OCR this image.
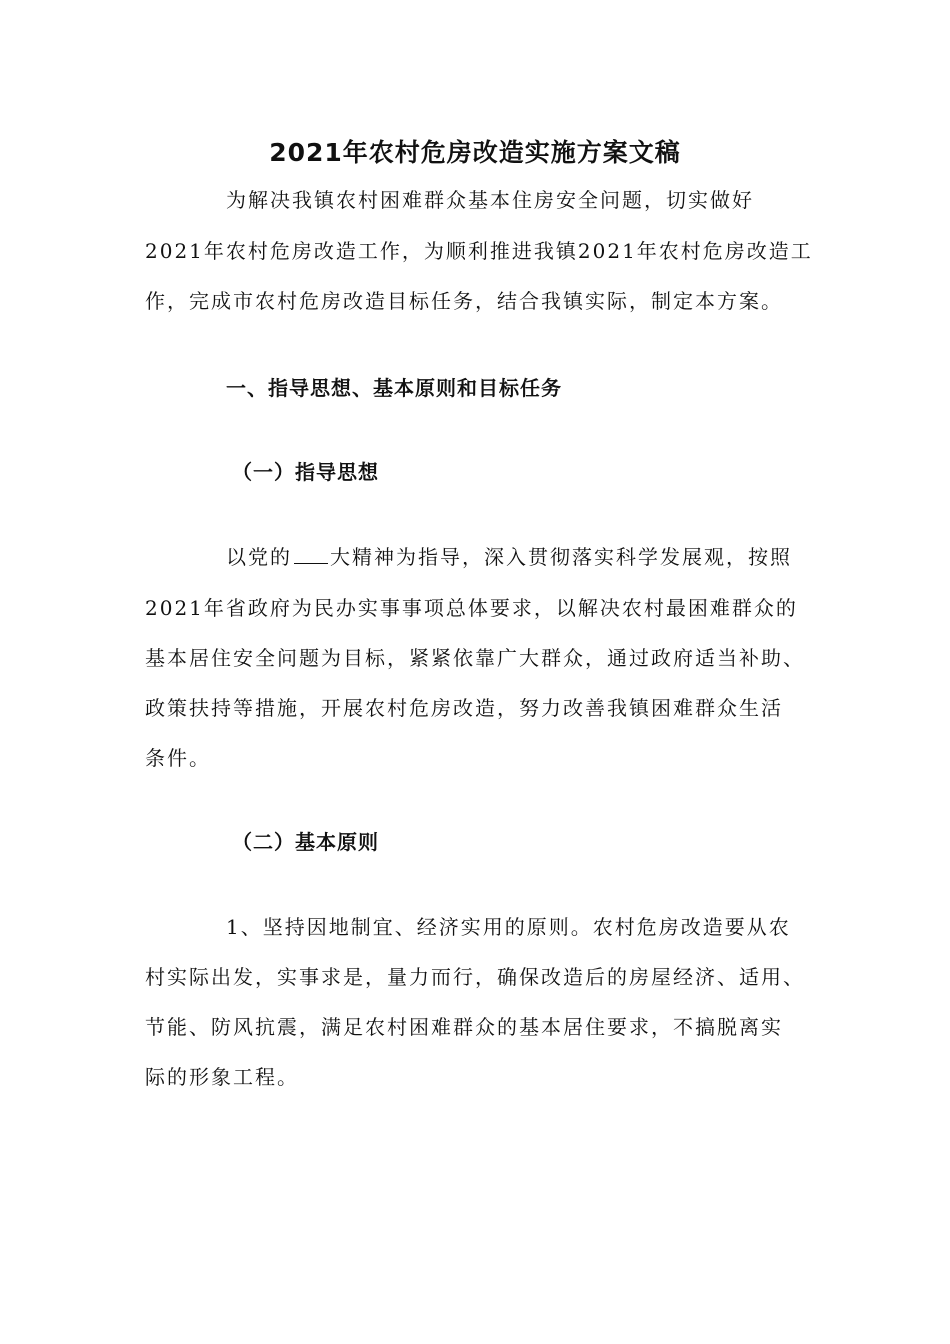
2021年农村危房改造实施方案文稿
为解决我镇农村困难群众基本住房安全问题，切实做好
2021年农村危房改造工作，为顺利推进我镇2021年农村危房改造工
作，完成市农村危房改造目标任务，结合我镇实际，制定本方案。
一、指导思想、基本原则和目标任务
（一）指导思想
以党的 大精神为指导，深入贯彻落实科学发展观，按照
2021年省政府为民办实事事项总体要求，以解决农村最困难群众的
基本居住安全问题为目标，紧紧依靠广大群众，通过政府适当补助、
政策扶持等措施，开展农村危房改造，努力改善我镇困难群众生活
条件。
（二）基本原则
1、坚持因地制宜、经济实用的原则。农村危房改造要从农
村实际出发，实事求是，量力而行，确保改造后的房屋经济、适用、
节能、防风抗震，满足农村困难群众的基本居住要求，不搞脱离实
际的形象工程。
